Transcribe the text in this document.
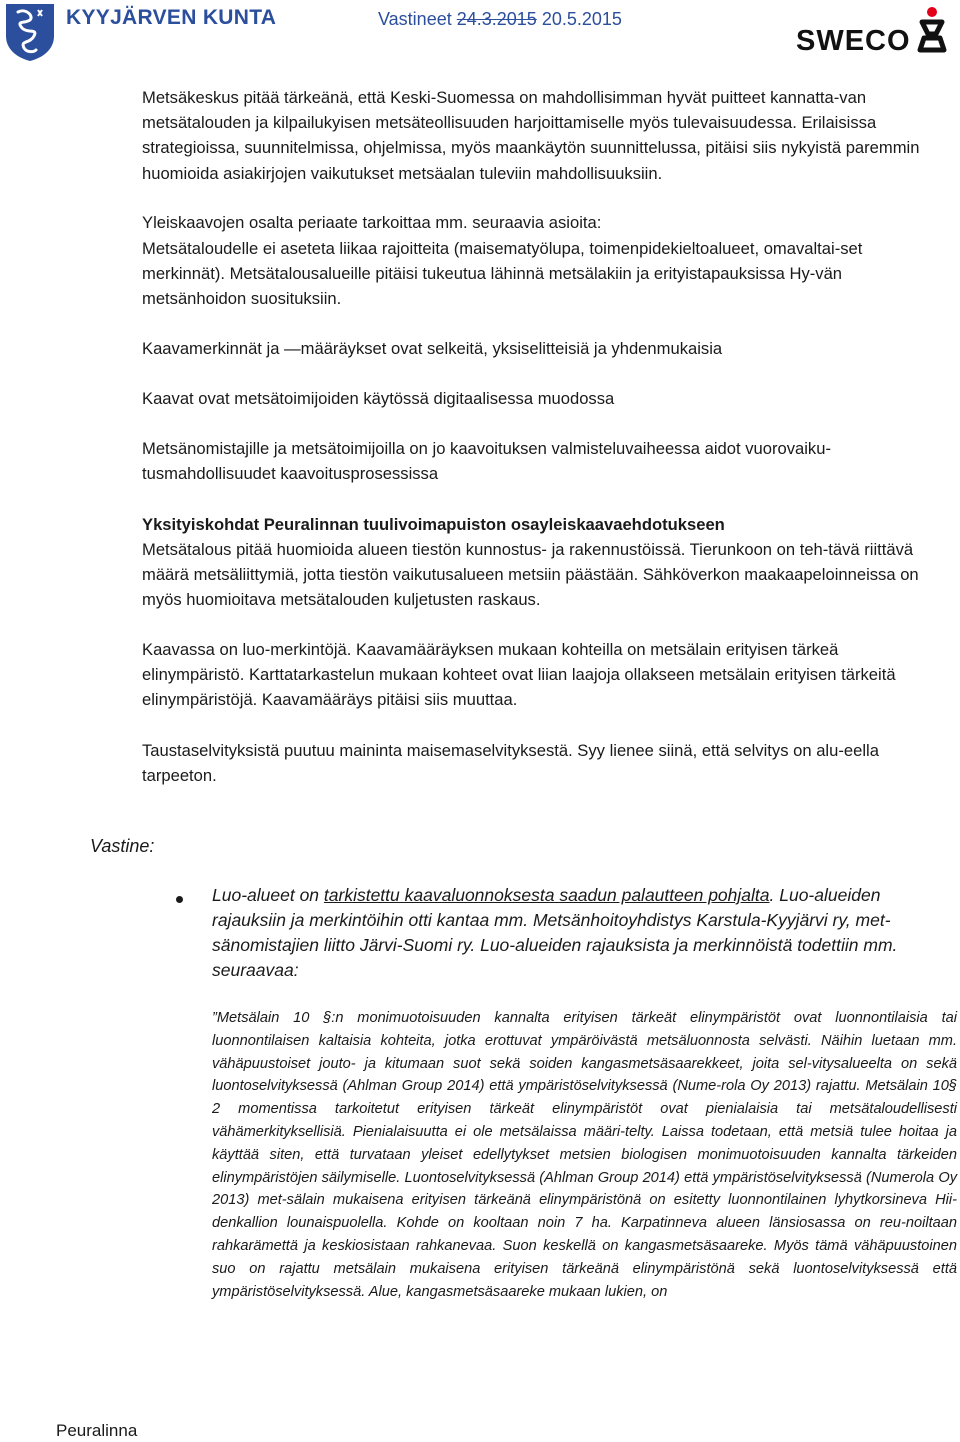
KYYJÄRVEN KUNTA	Vastineet 24.3.2015 20.5.2015
SWECO

Metsäkeskus pitää tärkeänä, että Keski-Suomessa on mahdollisimman hyvät puitteet kannatta-van metsätalouden ja kilpailukyisen metsäteollisuuden harjoittamiselle myös tulevaisuudessa. Erilaisissa strategioissa, suunnitelmissa, ohjelmissa, myös maankäytön suunnittelussa, pitäisi siis nykyistä paremmin huomioida asiakirjojen vaikutukset metsäalan tuleviin mahdollisuuksiin.

Yleiskaavojen osalta periaate tarkoittaa mm. seuraavia asioita:

Metsätaloudelle ei aseteta liikaa rajoitteita (maisematyölupa, toimenpidekieltoalueet, omavaltai-set merkinnät). Metsätalousalueille pitäisi tukeutua lähinnä metsälakiin ja erityistapauksissa Hy-vän metsänhoidon suosituksiin.

Kaavamerkinnät ja —määräykset ovat selkeitä, yksiselitteisiä ja yhdenmukaisia

Kaavat ovat metsätoimijoiden käytössä digitaalisessa muodossa

Metsänomistajille ja metsätoimijoilla on jo kaavoituksen valmisteluvaiheessa aidot vuorovaiku-tusmahdollisuudet kaavoitusprosessissa

Yksityiskohdat Peuralinnan tuulivoimapuiston osayleiskaavaehdotukseen

Metsätalous pitää huomioida alueen tiestön kunnostus- ja rakennustöissä. Tierunkoon on teh-tävä riittävä määrä metsäliittymiä, jotta tiestön vaikutusalueen metsiin päästään. Sähköverkon maakaapeloinneissa on myös huomioitava metsätalouden kuljetusten raskaus.

Kaavassa on luo-merkintöjä. Kaavamääräyksen mukaan kohteilla on metsälain erityisen tärkeä elinympäristö. Karttatarkastelun mukaan kohteet ovat liian laajoja ollakseen metsälain erityisen tärkeitä elinympäristöjä. Kaavamääräys pitäisi siis muuttaa.

Taustaselvityksistä puutuu maininta maisemaselvityksestä. Syy lienee siinä, että selvitys on alu-eella tarpeeton.

Vastine:

Luo-alueet on tarkistettu kaavaluonnoksesta saadun palautteen pohjalta. Luo-alueiden rajauksiin ja merkintöihin otti kantaa mm. Metsänhoitoyhdistys Karstula-Kyyjärvi ry, met-sänomistajien liitto Järvi-Suomi ry. Luo-alueiden rajauksista ja merkinnöistä todettiin mm. seuraavaa:

”Metsälain 10 §:n monimuotoisuuden kannalta erityisen tärkeät elinympäristöt ovat luonnontilaisia tai luonnontilaisen kaltaisia kohteita, jotka erottuvat ympäröivästä metsäluonnosta selvästi. Näihin luetaan mm. vähäpuustoiset jouto- ja kitumaan suot sekä soiden kangasmetsäsaarekkeet, joita sel-vitysalueelta on sekä luontoselvityksessä (Ahlman Group 2014) että ympäristöselvityksessä (Nume-rola Oy 2013) rajattu. Metsälain 10§ 2 momentissa tarkoitetut erityisen tärkeät elinympäristöt ovat pienialaisia tai metsätaloudellisesti vähämerkityksellisiä. Pienialaisuutta ei ole metsälaissa määri-telty. Laissa todetaan, että metsiä tulee hoitaa ja käyttää siten, että turvataan yleiset edellytykset metsien biologisen monimuotoisuuden kannalta tärkeiden elinympäristöjen säilymiselle. Luontoselvityksessä (Ahlman Group 2014) että ympäristöselvityksessä (Numerola Oy 2013) met-sälain mukaisena erityisen tärkeänä elinympäristönä on esitetty luonnontilainen lyhytkorsineva Hii-denkallion lounaispuolella. Kohde on kooltaan noin 7 ha. Karpatinneva alueen länsiosassa on reu-noiltaan rahkarämettä ja keskiosistaan rahkanevaa. Suon keskellä on kangasmetsäsaareke. Myös tämä vähäpuustoinen suo on rajattu metsälain mukaisena erityisen tärkeänä elinympäristönä sekä luontoselvityksessä että ympäristöselvityksessä. Alue, kangasmetsäsaareke mukaan lukien, on

Peuralinna
